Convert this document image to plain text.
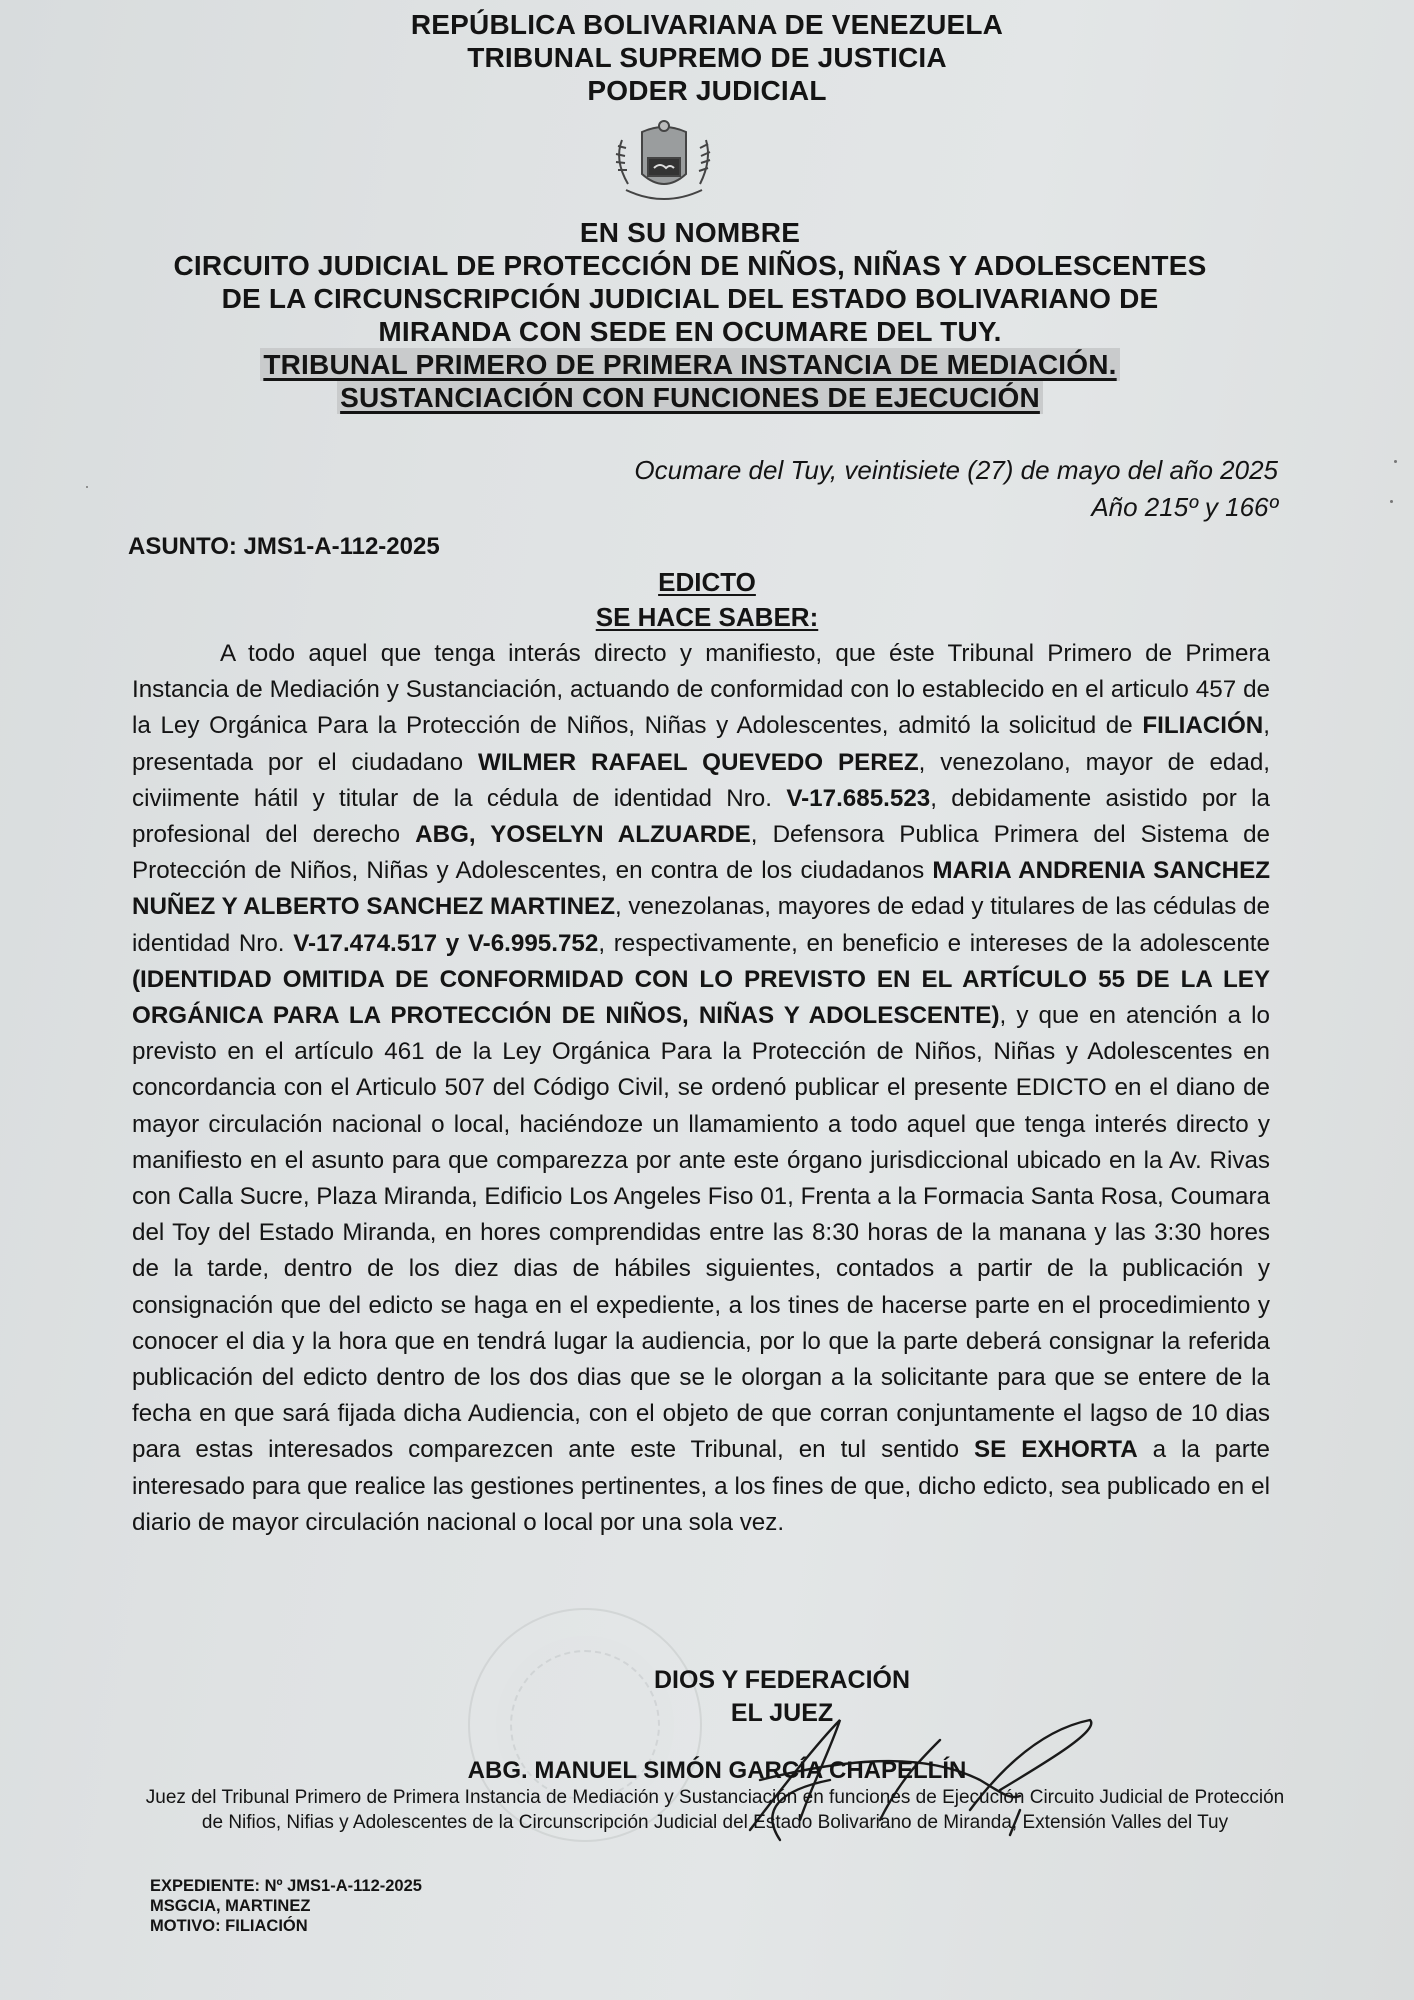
REPÚBLICA BOLIVARIANA DE VENEZUELA
TRIBUNAL SUPREMO DE JUSTICIA
PODER JUDICIAL
EN SU NOMBRE
CIRCUITO JUDICIAL DE PROTECCIÓN DE NIÑOS, NIÑAS Y ADOLESCENTES
DE LA CIRCUNSCRIPCIÓN JUDICIAL DEL ESTADO BOLIVARIANO DE
MIRANDA CON SEDE EN OCUMARE DEL TUY.
TRIBUNAL PRIMERO DE PRIMERA INSTANCIA DE MEDIACIÓN.
SUSTANCIACIÓN CON FUNCIONES DE EJECUCIÓN
Ocumare del Tuy, veintisiete (27) de mayo del año 2025
Año 215º y 166º
ASUNTO: JMS1-A-112-2025
EDICTO
SE HACE SABER:

A todo aquel que tenga interás directo y manifiesto, que éste Tribunal Primero de Primera Instancia de Mediación y Sustanciación, actuando de conformidad con lo establecido en el articulo 457 de la Ley Orgánica Para la Protección de Niños, Niñas y Adolescentes, admitó la solicitud de FILIACIÓN, presentada por el ciudadano WILMER RAFAEL QUEVEDO PEREZ, venezolano, mayor de edad, civiimente hátil y titular de la cédula de identidad Nro. V-17.685.523, debidamente asistido por la profesional del derecho ABG, YOSELYN ALZUARDE, Defensora Publica Primera del Sistema de Protección de Niños, Niñas y Adolescentes, en contra de los ciudadanos MARIA ANDRENIA SANCHEZ NUÑEZ Y ALBERTO SANCHEZ MARTINEZ, venezolanas, mayores de edad y titulares de las cédulas de identidad Nro. V-17.474.517 y V-6.995.752, respectivamente, en beneficio e intereses de la adolescente (IDENTIDAD OMITIDA DE CONFORMIDAD CON LO PREVISTO EN EL ARTÍCULO 55 DE LA LEY ORGÁNICA PARA LA PROTECCIÓN DE NIÑOS, NIÑAS Y ADOLESCENTE), y que en atención a lo previsto en el artículo 461 de la Ley Orgánica Para la Protección de Niños, Niñas y Adolescentes en concordancia con el Articulo 507 del Código Civil, se ordenó publicar el presente EDICTO en el diano de mayor circulación nacional o local, haciéndoze un llamamiento a todo aquel que tenga interés directo y manifiesto en el asunto para que comparezza por ante este órgano jurisdiccional ubicado en la Av. Rivas con Calla Sucre, Plaza Miranda, Edificio Los Angeles Fiso 01, Frenta a la Formacia Santa Rosa, Coumara del Toy del Estado Miranda, en hores comprendidas entre las 8:30 horas de la manana y las 3:30 hores de la tarde, dentro de los diez dias de hábiles siguientes, contados a partir de la publicación y consignación que del edicto se haga en el expediente, a los tines de hacerse parte en el procedimiento y conocer el dia y la hora que en tendrá lugar la audiencia, por lo que la parte deberá consignar la referida publicación del edicto dentro de los dos dias que se le olorgan a la solicitante para que se entere de la fecha en que sará fijada dicha Audiencia, con el objeto de que corran conjuntamente el lagso de 10 dias para estas interesados comparezcen ante este Tribunal, en tul sentido SE EXHORTA a la parte interesado para que realice las gestiones pertinentes, a los fines de que, dicho edicto, sea publicado en el diario de mayor circulación nacional o local por una sola vez.

DIOS Y FEDERACIÓN
EL JUEZ
ABG. MANUEL SIMÓN GARCÍA CHAPELLÍN
Juez del Tribunal Primero de Primera Instancia de Mediación y Sustanciación en funciones de Ejecución Circuito Judicial de Protección de Nifios, Nifias y Adolescentes de la Circunscripción Judicial del Estado Bolivariano de Miranda, Extensión Valles del Tuy
EXPEDIENTE: Nº JMS1-A-112-2025
MSGCIA, MARTINEZ
MOTIVO: FILIACIÓN
